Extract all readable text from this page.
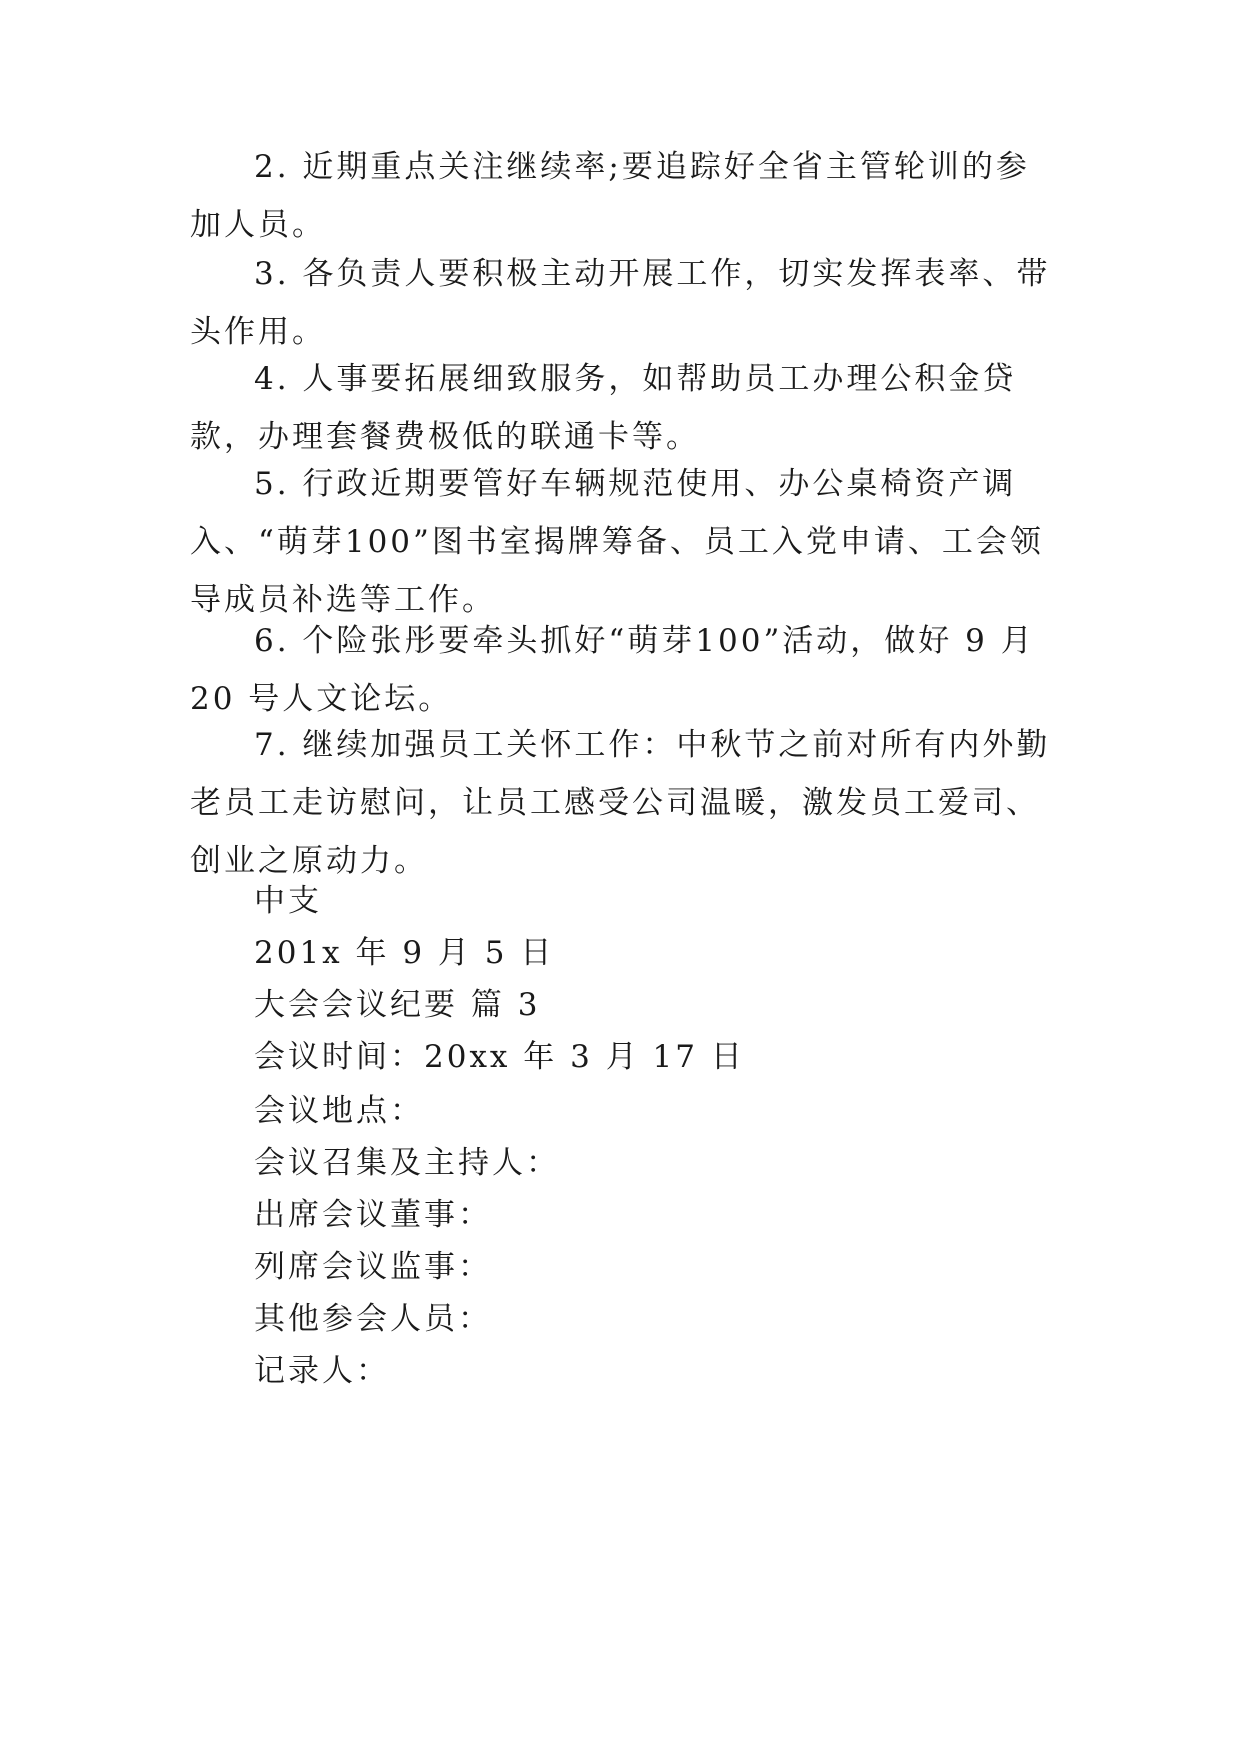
2. 近期重点关注继续率;要追踪好全省主管轮训的参加人员。
3. 各负责人要积极主动开展工作，切实发挥表率、带头作用。
4. 人事要拓展细致服务，如帮助员工办理公积金贷款，办理套餐费极低的联通卡等。
5. 行政近期要管好车辆规范使用、办公桌椅资产调入、“萌芽100”图书室揭牌筹备、员工入党申请、工会领导成员补选等工作。
6. 个险张彤要牵头抓好“萌芽100”活动，做好 9 月 20 号人文论坛。
7. 继续加强员工关怀工作：中秋节之前对所有内外勤老员工走访慰问，让员工感受公司温暖，激发员工爱司、创业之原动力。
中支
201x 年 9 月 5 日
大会会议纪要 篇 3
会议时间：20xx 年 3 月 17 日
会议地点：
会议召集及主持人：
出席会议董事：
列席会议监事：
其他参会人员：
记录人：
